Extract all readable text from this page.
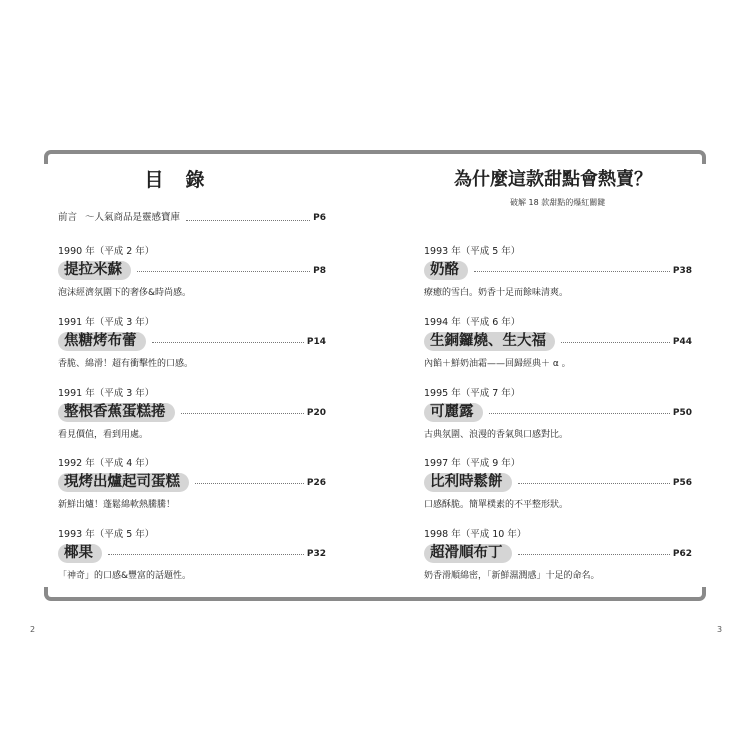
2	3
目錄
前言 ～人氣商品是靈感寶庫	P6
1990 年（平成 2 年）
提拉米蘇	P8
泡沫經濟氛圍下的奢侈&時尚感。
1991 年（平成 3 年）
焦糖烤布蕾	P14
香脆、綿滑！超有衝擊性的口感。
1991 年（平成 3 年）
整根香蕉蛋糕捲	P20
看見價值，看到用處。
1992 年（平成 4 年）
現烤出爐起司蛋糕	P26
新鮮出爐！蓬鬆綿軟熱騰騰！
1993 年（平成 5 年）
椰果	P32
「神奇」的口感&豐富的話題性。
為什麼這款甜點會熱賣？
破解 18 款甜點的爆紅關鍵
1993 年（平成 5 年）
奶酪	P38
療癒的雪白。奶香十足而餘味清爽。
1994 年（平成 6 年）
生銅鑼燒、生大福	P44
內餡＋鮮奶油霜——回歸經典＋ α 。
1995 年（平成 7 年）
可麗露	P50
古典氛圍、浪漫的香氣與口感對比。
1997 年（平成 9 年）
比利時鬆餅	P56
口感酥脆。簡單樸素的不平整形狀。
1998 年（平成 10 年）
超滑順布丁	P62
奶香滑順綿密，「新鮮濕潤感」十足的命名。
